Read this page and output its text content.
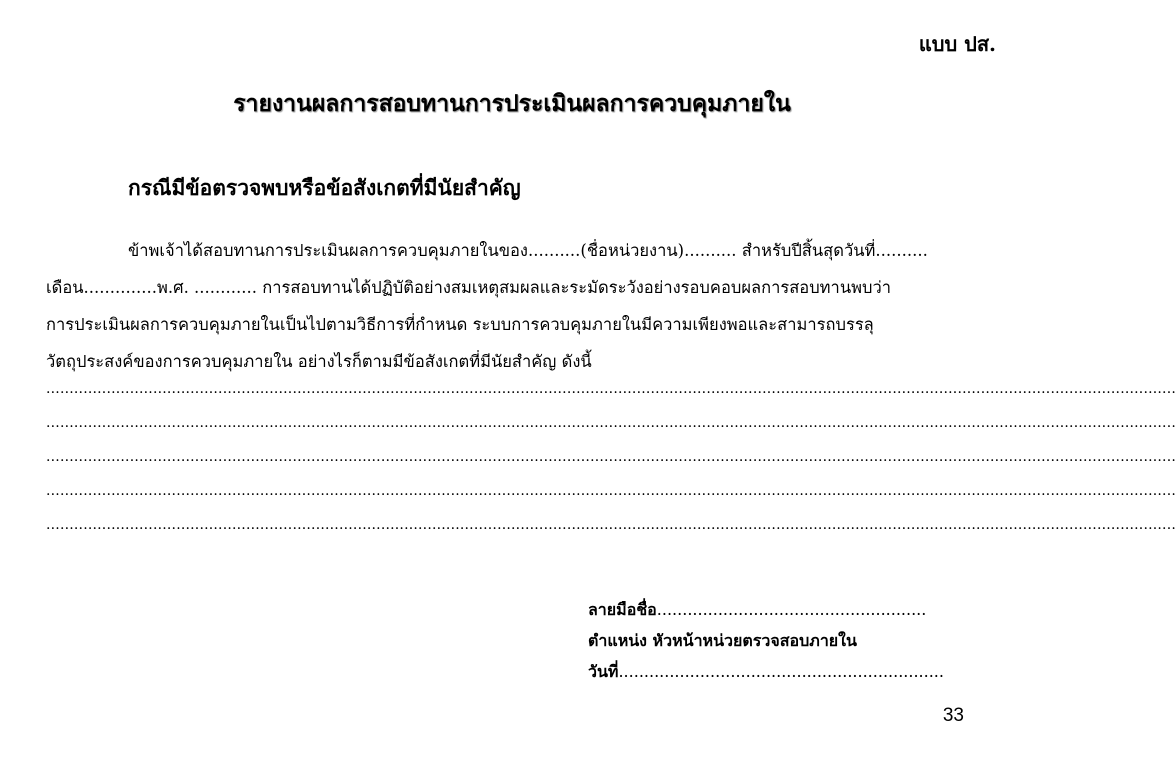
แบบ ปส.
รายงานผลการสอบทานการประเมินผลการควบคุมภายใน
กรณีมีข้อตรวจพบหรือข้อสังเกตที่มีนัยสำคัญ
ข้าพเจ้าได้สอบทานการประเมินผลการควบคุมภายในของ..........(ชื่อหน่วยงาน).......... สำหรับปีสิ้นสุดวันที่..........
เดือน..............พ.ศ. ............ การสอบทานได้ปฏิบัติอย่างสมเหตุสมผลและระมัดระวังอย่างรอบคอบผลการสอบทานพบว่า
การประเมินผลการควบคุมภายในเป็นไปตามวิธีการที่กำหนด ระบบการควบคุมภายในมีความเพียงพอและสามารถบรรลุ
วัตถุประสงค์ของการควบคุมภายใน อย่างไรก็ตามมีข้อสังเกตที่มีนัยสำคัญ ดังนี้
...................................................................................................................................................................................................................................................
...................................................................................................................................................................................................................................................
...................................................................................................................................................................................................................................................
...................................................................................................................................................................................................................................................
...................................................................................................................................................................................................................................................
ลายมือชื่อ.....................................................
ตำแหน่ง หัวหน้าหน่วยตรวจสอบภายใน
วันที่................................................................
33
